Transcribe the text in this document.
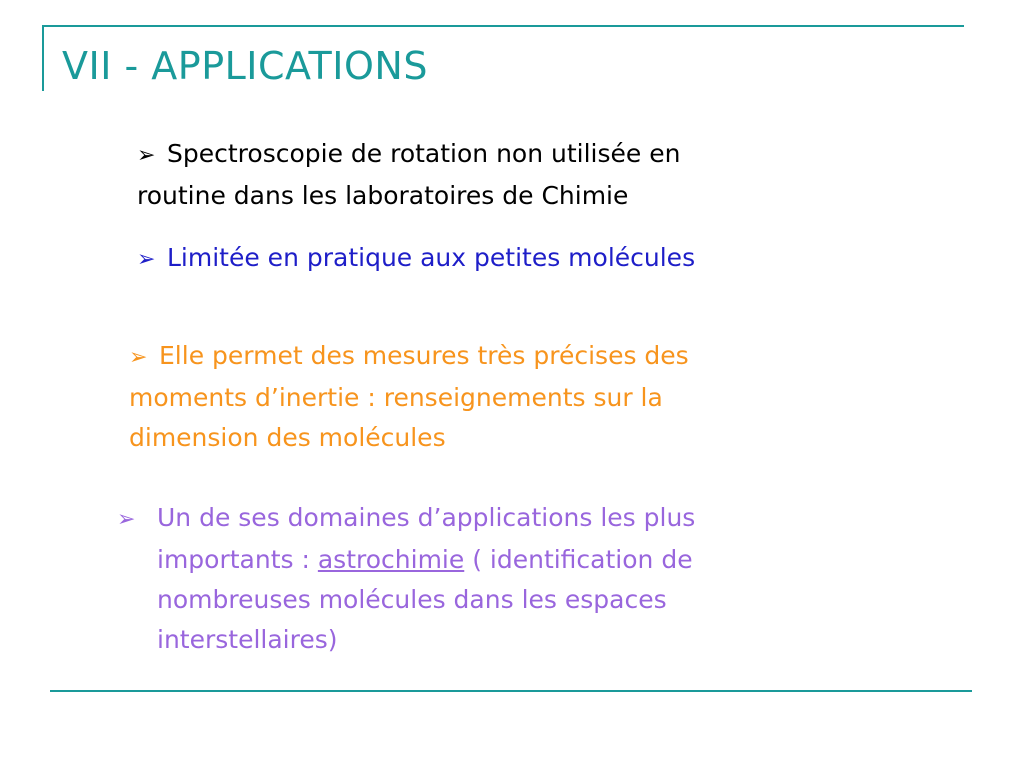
VII - APPLICATIONS
➢ Spectroscopie de rotation non utilisée en
routine dans les laboratoires de Chimie
➢ Limitée en pratique aux petites molécules
➢ Elle permet des mesures très précises des
moments d’inertie : renseignements sur la
dimension des molécules
➢ Un de ses domaines d’applications les plus
importants : astrochimie ( identification de
nombreuses molécules dans les espaces
interstellaires)
